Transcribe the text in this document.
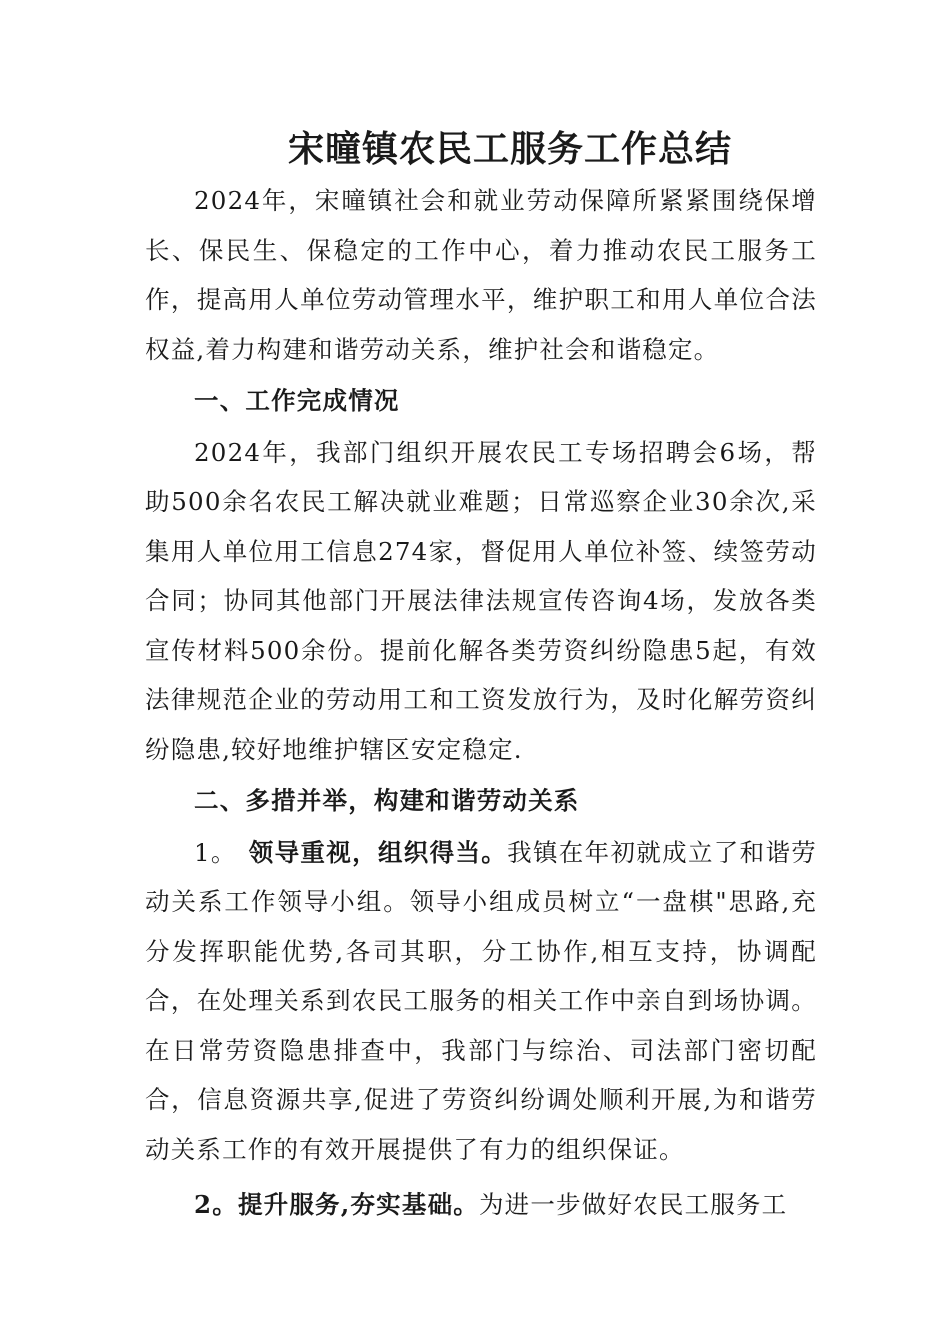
宋曈镇农民工服务工作总结

2024年，宋曈镇社会和就业劳动保障所紧紧围绕保增长、保民生、保稳定的工作中心，着力推动农民工服务工作，提高用人单位劳动管理水平，维护职工和用人单位合法权益,着力构建和谐劳动关系，维护社会和谐稳定。

一、工作完成情况

2024年，我部门组织开展农民工专场招聘会6场，帮助500余名农民工解决就业难题；日常巡察企业30余次,采集用人单位用工信息274家，督促用人单位补签、续签劳动合同；协同其他部门开展法律法规宣传咨询4场，发放各类宣传材料500余份。提前化解各类劳资纠纷隐患5起，有效法律规范企业的劳动用工和工资发放行为，及时化解劳资纠纷隐患,较好地维护辖区安定稳定.

二、多措并举，构建和谐劳动关系

1。 领导重视，组织得当。我镇在年初就成立了和谐劳动关系工作领导小组。领导小组成员树立“一盘棋"思路,充分发挥职能优势,各司其职，分工协作,相互支持，协调配合，在处理关系到农民工服务的相关工作中亲自到场协调。在日常劳资隐患排查中，我部门与综治、司法部门密切配合，信息资源共享,促进了劳资纠纷调处顺利开展,为和谐劳动关系工作的有效开展提供了有力的组织保证。

2。提升服务,夯实基础。为进一步做好农民工服务工
